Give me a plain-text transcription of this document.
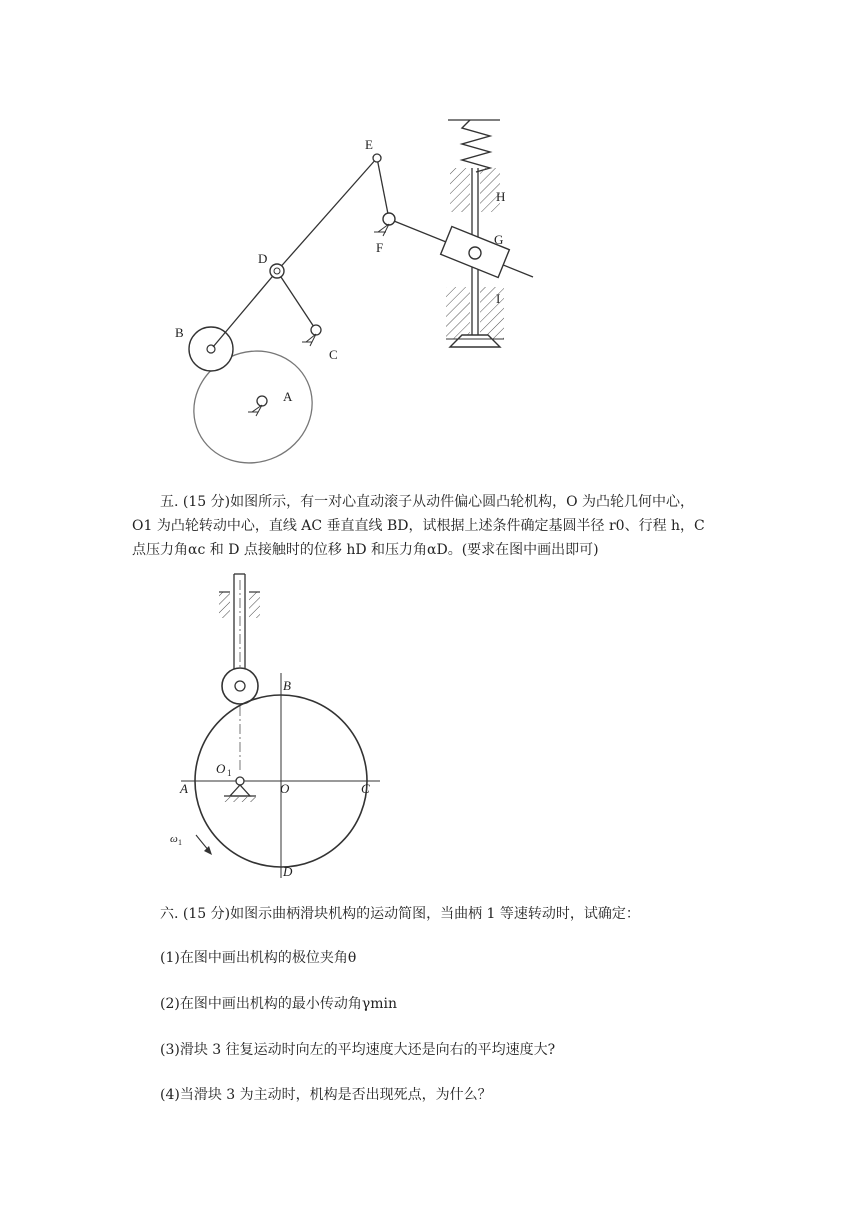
E
F
H
G
D
I
B
C
A
五. (15 分)如图所示，有一对心直动滚子从动件偏心圆凸轮机构，O 为凸轮几何中心，
O1 为凸轮转动中心，直线 AC 垂直直线 BD，试根据上述条件确定基圆半径 r0、行程 h，C
点压力角αc 和 D 点接触时的位移 hD 和压力角αD。(要求在图中画出即可)
B
O 1
A	O	C
ω 1
D
六. (15 分)如图示曲柄滑块机构的运动简图，当曲柄 1 等速转动时，试确定：
(1)在图中画出机构的极位夹角θ
(2)在图中画出机构的最小传动角γmin
(3)滑块 3 往复运动时向左的平均速度大还是向右的平均速度大?
(4)当滑块 3 为主动时，机构是否出现死点，为什么？
